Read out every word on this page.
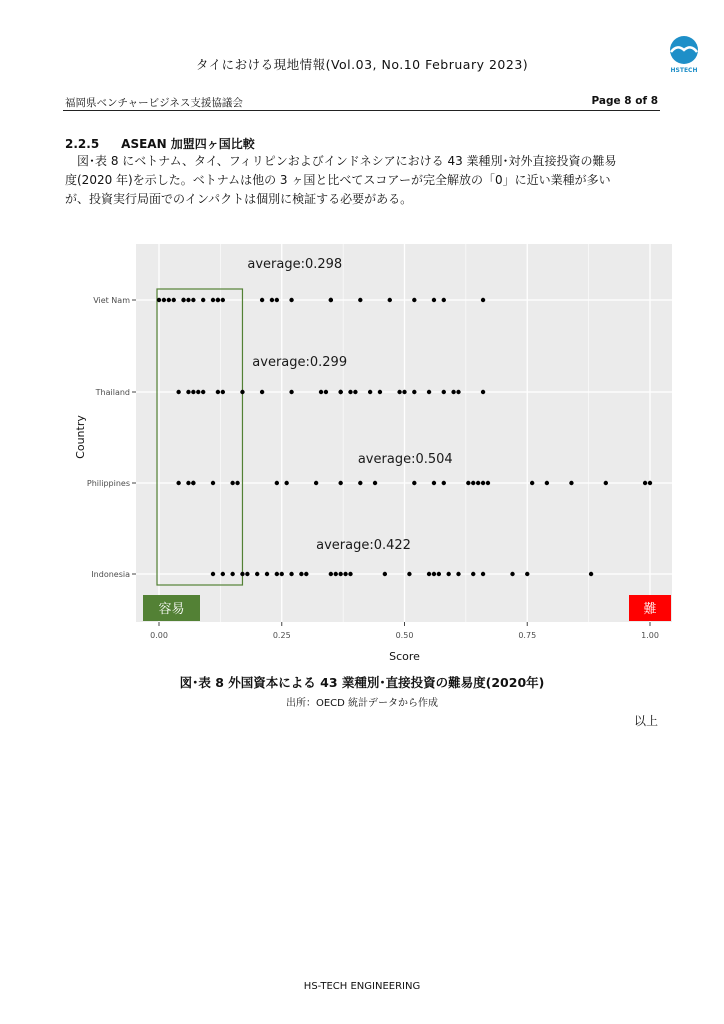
タイにおける現地情報(Vol.03, No.10 February 2023)	HSTECH
福岡県ベンチャービジネス支援協議会	Page 8 of 8
2.2.5 ASEAN 加盟四ヶ国比較
図･表 8 にベトナム、タイ、フィリピンおよびインドネシアにおける 43 業種別･対外直接投資の難易
度(2020 年)を示した。ベトナムは他の 3 ヶ国と比べてスコアーが完全解放の「0」に近い業種が多い
が、投資実行局面でのインパクトは個別に検証する必要がある。
average:0.298
average:0.299
average:0.504
average:0.422
容易	難
0.00	0.25	0.50	0.75	1.00
Viet Nam
Thailand
Philippines
Indonesia
Score
Country
図･表 8 外国資本による 43 業種別･直接投資の難易度(2020年)
出所：OECD 統計データから作成
以上
HS-TECH ENGINEERING
